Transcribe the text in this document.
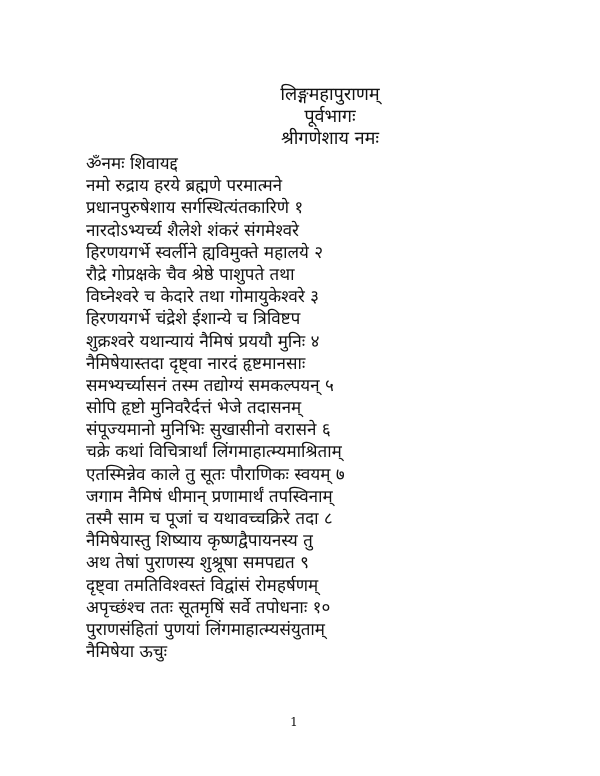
लिङ्गमहापुराणम्
पूर्वभागः
श्रीगणेशाय नमः
ॐनमः शिवायद्द
नमो रुद्राय हरये ब्रह्मणे परमात्मने
प्रधानपुरुषेशाय सर्गस्थित्यंतकारिणे १
नारदोऽभ्यर्च्य शैलेशे शंकरं संगमेश्वरे
हिरणयगर्भे स्वर्लीने ह्यविमुक्ते महालये २
रौद्रे गोप्रक्षके चैव श्रेष्ठे पाशुपते तथा
विघ्नेश्वरे च केदारे तथा गोमायुकेश्वरे ३
हिरणयगर्भे चंद्रेशे ईशान्ये च त्रिविष्टप
शुक्रश्वरे यथान्यायं नैमिषं प्रययौ मुनिः ४
नैमिषेयास्तदा दृष्ट्वा नारदं हृष्टमानसाः
समभ्यर्च्यासनं तस्म तद्योग्यं समकल्पयन् ५
सोपि हृष्टो मुनिवरैर्दत्तं भेजे तदासनम्
संपूज्यमानो मुनिभिः सुखासीनो वरासने ६
चक्रे कथां विचित्रार्थां लिंगमाहात्म्यमाश्रिताम्
एतस्मिन्नेव काले तु सूतः पौराणिकः स्वयम् ७
जगाम नैमिषं धीमान् प्रणामार्थं तपस्विनाम्
तस्मै साम च पूजां च यथावच्चक्रिरे तदा ८
नैमिषेयास्तु शिष्याय कृष्णद्वैपायनस्य तु
अथ तेषां पुराणस्य शुश्रूषा समपद्यत ९
दृष्ट्वा तमतिविश्वस्तं विद्वांसं रोमहर्षणम्
अपृच्छंश्च ततः सूतमृषिं सर्वे तपोधनाः १०
पुराणसंहितां पुणयां लिंगमाहात्म्यसंयुताम्
नैमिषेया ऊचुः
1
